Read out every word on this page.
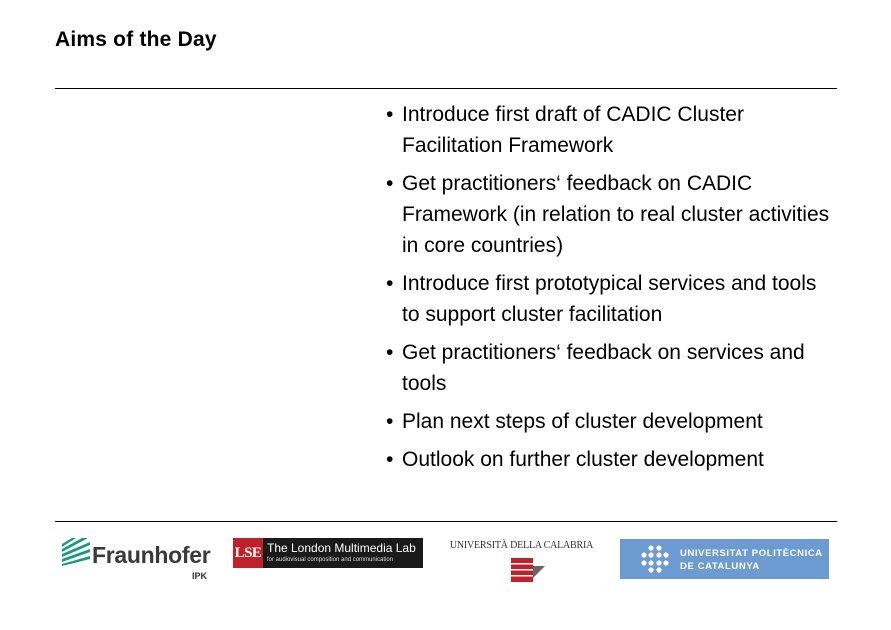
Aims of the Day
• Introduce first draft of CADIC Cluster Facilitation Framework
• Get practitioners‘ feedback on CADIC Framework (in relation to real cluster activities in core countries)
• Introduce first prototypical services and tools to support cluster facilitation
• Get practitioners‘ feedback on services and tools
• Plan next steps of cluster development
• Outlook on further cluster development
Fraunhofer
IPK
LSE The London Multimedia Lab
for audiovisual composition and communication
UNIVERSITÀ DELLA CALABRIA
UNIVERSITAT POLITÈCNICA
DE CATALUNYA
